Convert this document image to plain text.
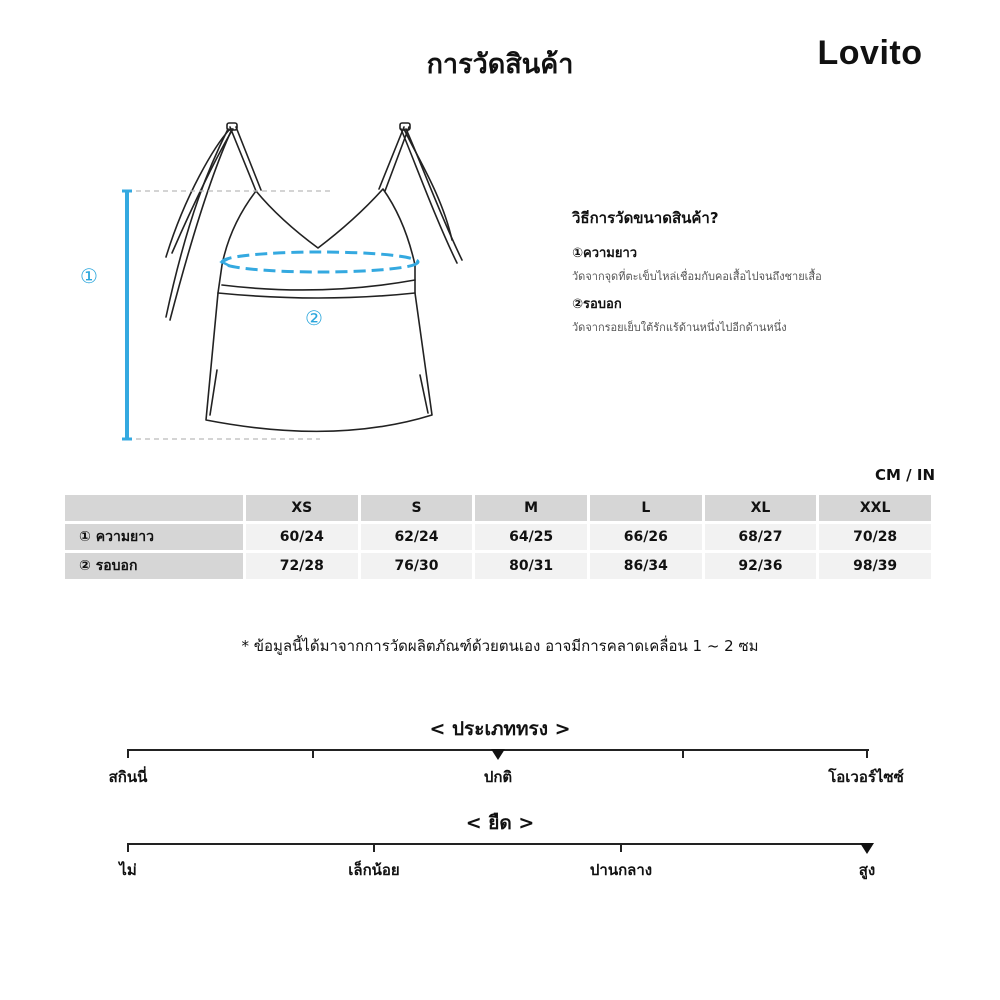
การวัดสินค้า	Lovito
①
②
วิธีการวัดขนาดสินค้า?
①ความยาว
วัดจากจุดที่ตะเข็บไหล่เชื่อมกับคอเสื้อไปจนถึงชายเสื้อ
②รอบอก
วัดจากรอยเย็บใต้รักแร้ด้านหนึ่งไปอีกด้านหนึ่ง
CM / IN
	XS	S	M	L	XL	XXL
① ความยาว	60/24	62/24	64/25	66/26	68/27	70/28
② รอบอก	72/28	76/30	80/31	86/34	92/36	98/39
* ข้อมูลนี้ได้มาจากการวัดผลิตภัณฑ์ด้วยตนเอง อาจมีการคลาดเคลื่อน 1 ~ 2 ซม
< ประเภททรง >
สกินนี่	ปกติ	โอเวอร์ไซซ์
< ยืด >
ไม่	เล็กน้อย	ปานกลาง	สูง
